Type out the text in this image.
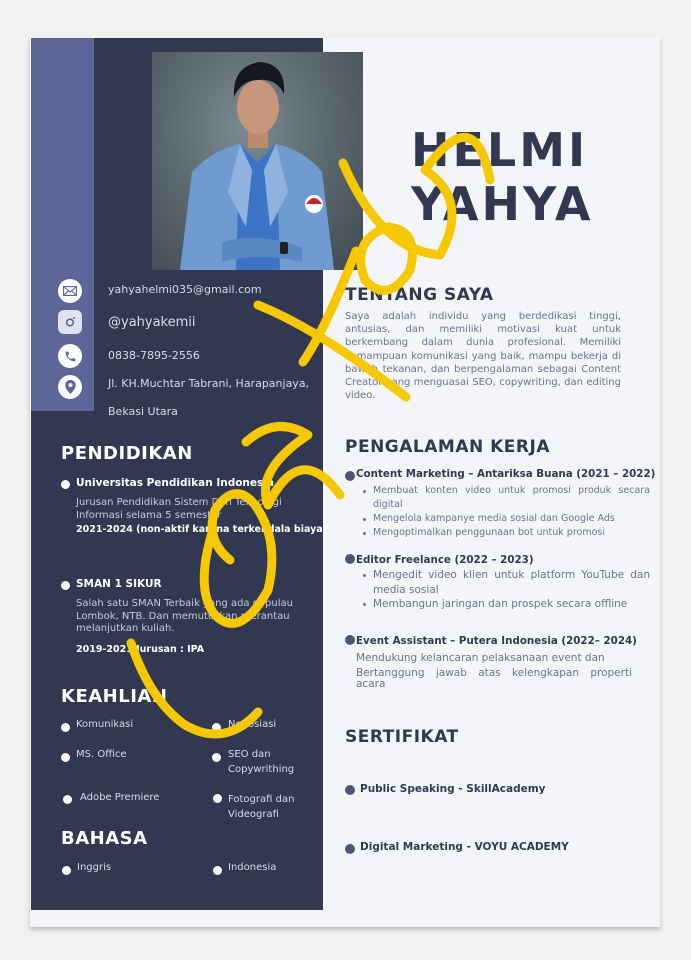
HELMI
YAHYA
yahyahelmi035@gmail.com
@yahyakemii
0838-7895-2556
Jl. KH.Muchtar Tabrani, Harapanjaya,
Bekasi Utara
PENDIDIKAN
Universitas Pendidikan Indonesia
Jurusan Pendidikan Sistem Dan Teknologi Informasi selama 5 semester
2021-2024 (non-aktif karena terkendala biaya)
SMAN 1 SIKUR
Salah satu SMAN Terbaik yang ada di pulau Lombok, NTB. Dan memutuskan merantau melanjutkan kuliah.
2019-2021 Jurusan : IPA
KEAHLIAN
Komunikasi	Negosiasi
MS. Office	SEO dan Copywrithing
Adobe Premiere	Fotografi dan Videografi
BAHASA
Inggris	Indonesia
TENTANG SAYA
Saya adalah individu yang berdedikasi tinggi, antusias, dan memiliki motivasi kuat untuk berkembang dalam dunia profesional. Memiliki kemampuan komunikasi yang baik, mampu bekerja di bawah tekanan, dan berpengalaman sebagai Content Creator yang menguasai SEO, copywriting, dan editing video.
PENGALAMAN KERJA
Content Marketing – Antariksa Buana (2021 – 2022)
Membuat konten video untuk promosi produk secara digital
Mengelola kampanye media sosial dan Google Ads
Mengoptimalkan penggunaan bot untuk promosi
Editor Freelance (2022 – 2023)
Mengedit video klien untuk platform YouTube dan media sosial
Membangun jaringan dan prospek secara offline
Event Assistant – Putera Indonesia (2022– 2024)
Mendukung kelancaran pelaksanaan event dan
Bertanggung jawab atas kelengkapan properti acara
SERTIFIKAT
Public Speaking - SkillAcademy
Digital Marketing - VOYU ACADEMY
